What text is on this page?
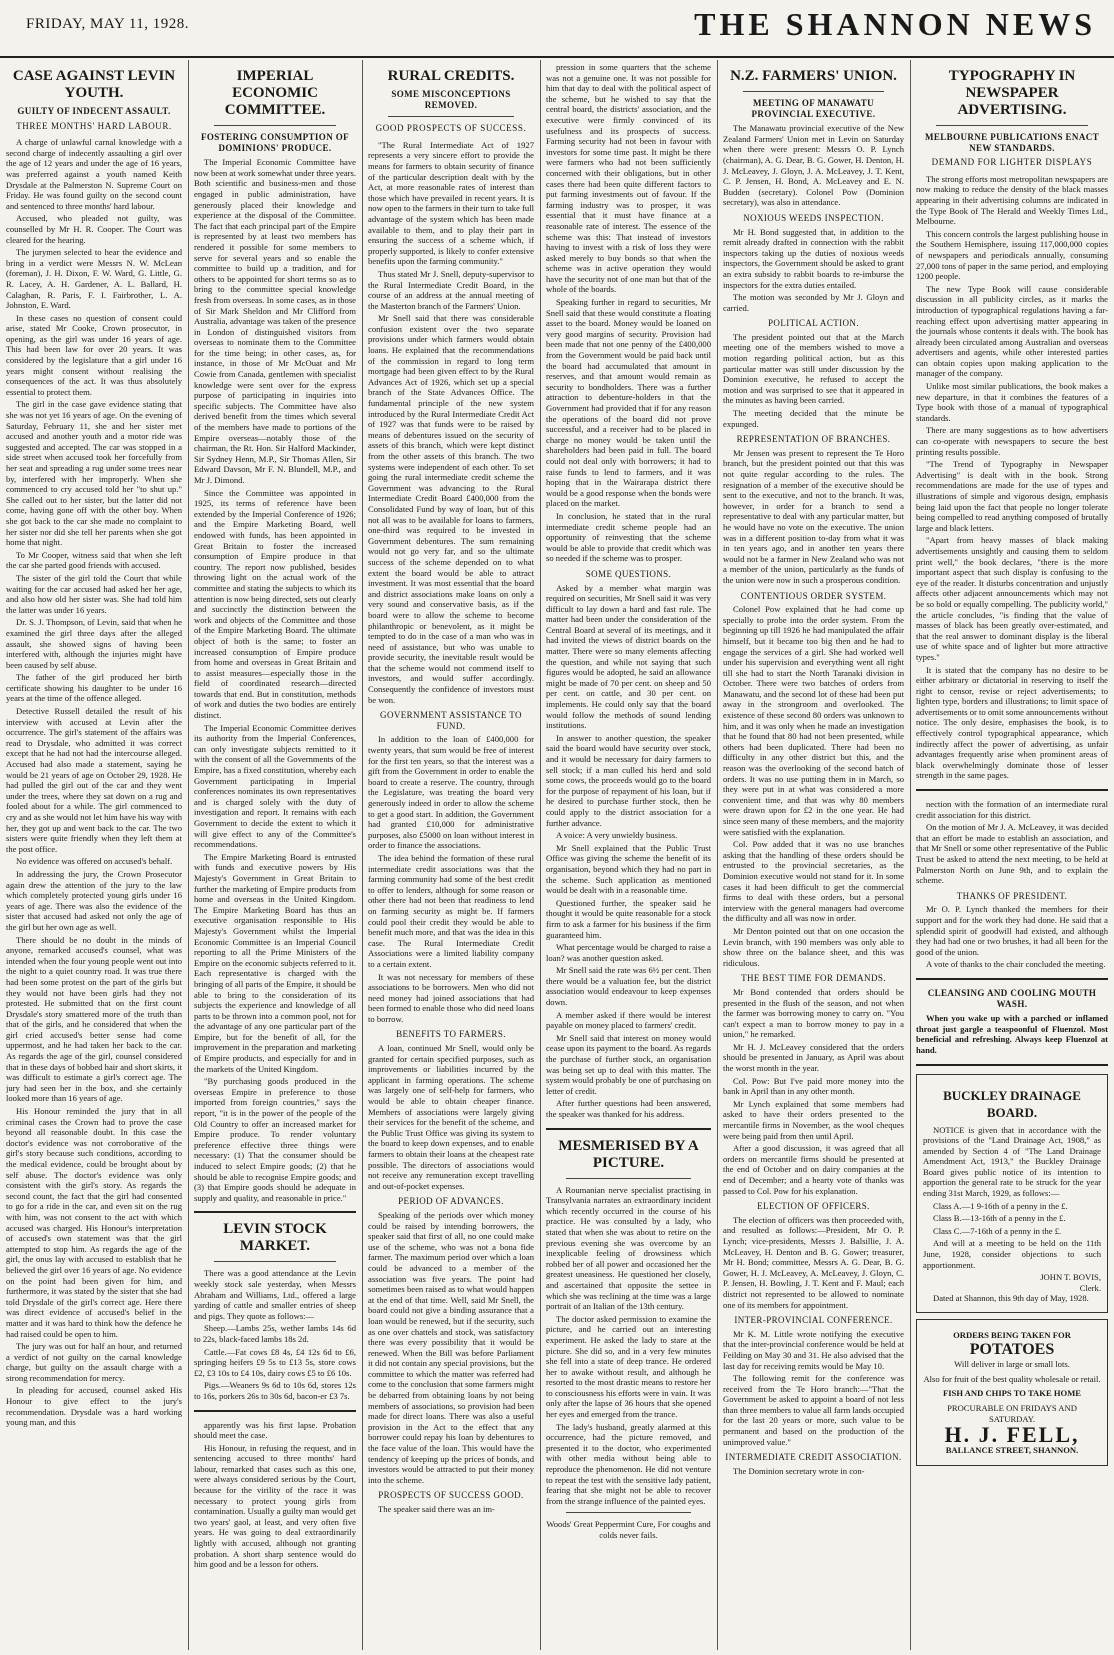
FRIDAY, MAY 11, 1928.	THE SHANNON NEWS
CASE AGAINST LEVIN YOUTH.
GUILTY OF INDECENT ASSAULT.
THREE MONTHS' HARD LABOUR.

A charge of unlawful carnal knowledge with a second charge of indecently assaulting a girl over the age of 12 years and under the age of 16 years, was preferred against a youth named Keith Drysdale at the Palmerston N. Supreme Court on Friday. He was found guilty on the second count and sentenced to three months' hard labour.

Accused, who pleaded not guilty, was counselled by Mr H. R. Cooper. The Court was cleared for the hearing.

The jurymen selected to hear the evidence and bring in a verdict were Messrs N. W. McLean (foreman), J. H. Dixon, F. W. Ward, G. Little, G. R. Lacey, A. H. Gardener, A. L. Ballard, H. Calaghan, R. Paris, F. I. Fairbrother, L. A. Johnston, E. Ward.

In these cases no question of consent could arise, stated Mr Cooke, Crown prosecutor, in opening, as the girl was under 16 years of age. This had been law for over 20 years. It was considered by the legislature that a girl under 16 years might consent without realising the consequences of the act. It was thus absolutely essential to protect them.

The girl in the case gave evidence stating that she was not yet 16 years of age. On the evening of Saturday, February 11, she and her sister met accused and another youth and a motor ride was suggested and accepted. The car was stopped in a side street when accused took her forcefully from her seat and spreading a rug under some trees near by, interfered with her improperly. When she commenced to cry accused told her "to shut up." She called out to her sister, but the latter did not come, having gone off with the other boy. When she got back to the car she made no complaint to her sister nor did she tell her parents when she got home that night.

To Mr Cooper, witness said that when she left the car she parted good friends with accused.

The sister of the girl told the Court that while waiting for the car accused had asked her her age, and also how old her sister was. She had told him the latter was under 16 years.

Dr. S. J. Thompson, of Levin, said that when he examined the girl three days after the alleged assault, she showed signs of having been interfered with, although the injuries might have been caused by self abuse.

The father of the girl produced her birth certificate showing his daughter to be under 16 years at the time of the offence alleged.

Detective Russell detailed the result of his interview with accused at Levin after the occurrence. The girl's statement of the affairs was read to Drysdale, who admitted it was correct except that he had not had the intercourse alleged. Accused had also made a statement, saying he would be 21 years of age on October 29, 1928. He had pulled the girl out of the car and they went under the trees, where they sat down on a rug and fooled about for a while. The girl commenced to cry and as she would not let him have his way with her, they got up and went back to the car. The two sisters were quite friendly when they left them at the post office.

No evidence was offered on accused's behalf.

In addressing the jury, the Crown Prosecutor again drew the attention of the jury to the law which completely protected young girls under 16 years of age. There was also the evidence of the sister that accused had asked not only the age of the girl but her own age as well.

There should be no doubt in the minds of anyone, remarked accused's counsel, what was intended when the four young people went out into the night to a quiet country road. It was true there had been some protest on the part of the girls but they would not have been girls had they not protested. He submitted that on the first count Drysdale's story smattered more of the truth than that of the girls, and he considered that when the girl cried accused's better sense had come uppermost, and he had taken her back to the car. As regards the age of the girl, counsel considered that in these days of bobbed hair and short skirts, it was difficult to estimate a girl's correct age. The jury had seen her in the box, and she certainly looked more than 16 years of age.

His Honour reminded the jury that in all criminal cases the Crown had to prove the case beyond all reasonable doubt. In this case the doctor's evidence was not corroborative of the girl's story because such conditions, according to the medical evidence, could be brought about by self abuse. The doctor's evidence was only consistent with the girl's story. As regards the second count, the fact that the girl had consented to go for a ride in the car, and even sit on the rug with him, was not consent to the act with which accused was charged. His Honour's interpretation of accused's own statement was that the girl attempted to stop him. As regards the age of the girl, the onus lay with accused to establish that he believed the girl over 16 years of age. No evidence on the point had been given for him, and furthermore, it was stated by the sister that she had told Drysdale of the girl's correct age. Here there was direct evidence of accused's belief in the matter and it was hard to think how the defence he had raised could be open to him.

The jury was out for half an hour, and returned a verdict of not guilty on the carnal knowledge charge, but guilty on the assault charge with a strong recommendation for mercy.

In pleading for accused, counsel asked His Honour to give effect to the jury's recommendation. Drysdale was a hard working young man, and this

IMPERIAL ECONOMIC COMMITTEE.
FOSTERING CONSUMPTION OF DOMINIONS' PRODUCE.

The Imperial Economic Committee have now been at work somewhat under three years. Both scientific and business-men and those engaged in public administration, have generously placed their knowledge and experience at the disposal of the Committee. The fact that each principal part of the Empire is represented by at least two members has rendered it possible for some members to serve for several years and so enable the committee to build up a tradition, and for others to be appointed for short terms so as to bring to the committee special knowledge fresh from overseas. In some cases, as in those of Sir Mark Sheldon and Mr Clifford from Australia, advantage was taken of the presence in London of distinguished visitors from overseas to nominate them to the Committee for the time being; in other cases, as, for instance, in those of Mr McOuat and Mr Cowie from Canada, gentlemen with specialist knowledge were sent over for the express purpose of participating in inquiries into specific subjects. The Committee have also derived benefit from the times which several of the members have made to portions of the Empire overseas—notably those of the chairman, the Rt. Hon. Sir Halford Mackinder, Sir Sydney Henn, M.P., Sir Thomas Allen, Sir Edward Davson, Mr F. N. Blundell, M.P., and Mr J. Dimond.

Since the Committee was appointed in 1925, its terms of reference have been extended by the Imperial Conference of 1926; and the Empire Marketing Board, well endowed with funds, has been appointed in Great Britain to foster the increased consumption of Empire produce in that country. The report now published, besides throwing light on the actual work of the committee and stating the subjects to which its attention is now being directed, sets out clearly and succinctly the distinction between the work and objects of the Committee and those of the Empire Marketing Board. The ultimate object of both is the same; to foster an increased consumption of Empire produce from home and overseas in Great Britain and to assist measures—especially those in the field of coordinated research—directed towards that end. But in constitution, methods of work and duties the two bodies are entirely distinct.

The Imperial Economic Committee derives its authority from the Imperial Conferences, can only investigate subjects remitted to it with the consent of all the Governments of the Empire, has a fixed constitution, whereby each Government participating in Imperial conferences nominates its own representatives and is charged solely with the duty of investigation and report. It remains with each Government to decide the extent to which it will give effect to any of the Committee's recommendations.

The Empire Marketing Board is entrusted with funds and executive powers by His Majesty's Government in Great Britain to further the marketing of Empire products from home and overseas in the United Kingdom. The Empire Marketing Board has thus an executive organisation responsible to His Majesty's Government whilst the Imperial Economic Committee is an Imperial Council reporting to all the Prime Ministers of the Empire on the economic subjects referred to it. Each representative is charged with the bringing of all parts of the Empire, it should be able to bring to the consideration of its subjects the experience and knowledge of all parts to be thrown into a common pool, not for the advantage of any one particular part of the Empire, but for the benefit of all, for the improvement in the preparation and marketing of Empire products, and especially for and in the markets of the United Kingdom.

"By purchasing goods produced in the overseas Empire in preference to those imported from foreign countries," says the report, "it is in the power of the people of the Old Country to offer an increased market for Empire produce. To render voluntary preference effective three things were necessary: (1) That the consumer should be induced to select Empire goods; (2) that he should be able to recognise Empire goods; and (3) that Empire goods should be adequate in supply and quality, and reasonable in price."

LEVIN STOCK MARKET.

There was a good attendance at the Levin weekly stock sale yesterday, when Messrs Abraham and Williams, Ltd., offered a large yarding of cattle and smaller entries of sheep and pigs. They quote as follows:—

Sheep.—Lambs 25s, wether lambs 14s 6d to 22s, black-faced lambs 18s 2d.

Cattle.—Fat cows £8 4s, £4 12s 6d to £6, springing heifers £9 5s to £13 5s, store cows £2, £3 10s to £4 10s, dairy cows £5 to £6 10s.

Pigs.—Weaners 9s 6d to 10s 6d, stores 12s to 16s, porkers 26s to 30s 6d, bacon-er £3 7s.

apparently was his first lapse. Probation should meet the case.

His Honour, in refusing the request, and in sentencing accused to three months' hard labour, remarked that cases such as this one, were always considered serious by the Court, because for the virility of the race it was necessary to protect young girls from contamination. Usually a guilty man would get two years' gaol, at least, and very often five years. He was going to deal extraordinarily lightly with accused, although not granting probation. A short sharp sentence would do him good and be a lesson for others.

RURAL CREDITS.
SOME MISCONCEPTIONS REMOVED.
GOOD PROSPECTS OF SUCCESS.

"The Rural Intermediate Act of 1927 represents a very sincere effort to provide the means for farmers to obtain security of finance of the particular description dealt with by the Act, at more reasonable rates of interest than those which have prevailed in recent years. It is now open to the farmers in their turn to take full advantage of the system which has been made available to them, and to play their part in ensuring the success of a scheme which, if properly supported, is likely to confer extensive benefits upon the farming community."

Thus stated Mr J. Snell, deputy-supervisor to the Rural Intermediate Credit Board, in the course of an address at the annual meeting of the Masterton branch of the Farmers' Union.

Mr Snell said that there was considerable confusion existent over the two separate provisions under which farmers would obtain loans. He explained that the recommendations of the commission in regard to long term mortgage had been given effect to by the Rural Advances Act of 1926, which set up a special branch of the State Advances Office. The fundamental principle of the new system introduced by the Rural Intermediate Credit Act of 1927 was that funds were to be raised by means of debentures issued on the security of assets of this branch, which were kept distinct from the other assets of this branch. The two systems were independent of each other. To set going the rural intermediate credit scheme the Government was advancing to the Rural Intermediate Credit Board £400,000 from the Consolidated Fund by way of loan, but of this not all was to be available for loans to farmers, one-third was required to be invested in Government debentures. The sum remaining would not go very far, and so the ultimate success of the scheme depended on to what extent the board would be able to attract investment. It was most essential that the board and district associations make loans on only a very sound and conservative basis, as if the board were to allow the scheme to become philanthropic or benevolent, as it might be tempted to do in the case of a man who was in need of assistance, but who was unable to provide security, the inevitable result would be that the scheme would not commend itself to investors, and would suffer accordingly. Consequently the confidence of investors must be won.

GOVERNMENT ASSISTANCE TO FUND.

In addition to the loan of £400,000 for twenty years, that sum would be free of interest for the first ten years, so that the interest was a gift from the Government in order to enable the board to create a reserve. The country, through the Legislature, was treating the board very generously indeed in order to allow the scheme to get a good start. In addition, the Government had granted £10,000 for administrative purposes, also £5000 on loan without interest in order to finance the associations.

The idea behind the formation of these rural intermediate credit associations was that the farming community had some of the best credit to offer to lenders, although for some reason or other there had not been that readiness to lend on farming security as might be. If farmers could pool their credit they would be able to benefit much more, and that was the idea in this case. The Rural Intermediate Credit Associations were a limited liability company to a certain extent.

It was not necessary for members of these associations to be borrowers. Men who did not need money had joined associations that had been formed to enable those who did need loans to borrow.

BENEFITS TO FARMERS.

A loan, continued Mr Snell, would only be granted for certain specified purposes, such as improvements or liabilities incurred by the applicant in farming operations. The scheme was largely one of self-help for farmers, who would be able to obtain cheaper finance. Members of associations were largely giving their services for the benefit of the scheme, and the Public Trust Office was giving its system to the board to keep down expenses, and to enable farmers to obtain their loans at the cheapest rate possible. The directors of associations would not receive any remuneration except travelling and out-of-pocket expenses.

PERIOD OF ADVANCES.

Speaking of the periods over which money could be raised by intending borrowers, the speaker said that first of all, no one could make use of the scheme, who was not a bona fide farmer. The maximum period over which a loan could be advanced to a member of the association was five years. The point had sometimes been raised as to what would happen at the end of that time. Well, said Mr Snell, the board could not give a binding assurance that a loan would be renewed, but if the security, such as one over chattels and stock, was satisfactory there was every possibility that it would be renewed. When the Bill was before Parliament it did not contain any special provisions, but the committee to which the matter was referred had come to the conclusion that some farmers might be debarred from obtaining loans by not being members of associations, so provision had been made for direct loans. There was also a useful provision in the Act to the effect that any borrower could repay his loan by debentures to the face value of the loan. This would have the tendency of keeping up the prices of bonds, and investors would be attracted to put their money into the scheme.

PROSPECTS OF SUCCESS GOOD.

The speaker said there was an im-

pression in some quarters that the scheme was not a genuine one. It was not possible for him that day to deal with the political aspect of the scheme, but he wished to say that the central board, the districts' association, and the executive were firmly convinced of its usefulness and its prospects of success. Farming security had not been in favour with investors for some time past. It might be there were farmers who had not been sufficiently concerned with their obligations, but in other cases there had been quite different factors to put farming investments out of favour. If the farming industry was to prosper, it was essential that it must have finance at a reasonable rate of interest. The essence of the scheme was this: That instead of investors having to invest with a risk of loss they were asked merely to buy bonds so that when the scheme was in active operation they would have the security not of one man but that of the whole of the boards.

Speaking further in regard to securities, Mr Snell said that these would constitute a floating asset to the board. Money would be loaned on very good margins of security. Provision had been made that not one penny of the £400,000 from the Government would be paid back until the board had accumulated that amount in reserves, and that amount would remain as security to bondholders. There was a further attraction to debenture-holders in that the Government had provided that if for any reason the operations of the board did not prove successful, and a receiver had to be placed in charge no money would be taken until the shareholders had been paid in full. The board could not deal only with borrowers; it had to raise funds to lend to farmers, and it was hoping that in the Wairarapa district there would be a good response when the bonds were placed on the market.

In conclusion, he stated that in the rural intermediate credit scheme people had an opportunity of reinvesting that the scheme would be able to provide that credit which was so needed if the scheme was to prosper.

SOME QUESTIONS.

Asked by a member what margin was required on securities, Mr Snell said it was very difficult to lay down a hard and fast rule. The matter had been under the consideration of the Central Board at several of its meetings, and it had invited the views of district boards on the matter. There were so many elements affecting the question, and while not saying that such figures would be adopted, he said an allowance might be made of 70 per cent. on sheep and 50 per cent. on cattle, and 30 per cent. on implements. He could only say that the board would follow the methods of sound lending institutions.

In answer to another question, the speaker said the board would have security over stock, and it would be necessary for dairy farmers to sell stock; if a man culled his herd and sold some cows, the proceeds would go to the board for the purpose of repayment of his loan, but if he desired to purchase further stock, then he could apply to the district association for a further advance.

A voice: A very unwieldy business.

Mr Snell explained that the Public Trust Office was giving the scheme the benefit of its organisation, beyond which they had no part in the scheme. Such application as mentioned would be dealt with in a reasonable time.

Questioned further, the speaker said he thought it would be quite reasonable for a stock firm to ask a farmer for his business if the firm guaranteed him.

What percentage would be charged to raise a loan? was another question asked.

Mr Snell said the rate was 6½ per cent. Then there would be a valuation fee, but the district association would endeavour to keep expenses down.

A member asked if there would be interest payable on money placed to farmers' credit.

Mr Snell said that interest on money would cease upon its payment to the board. As regards the purchase of further stock, an organisation was being set up to deal with this matter. The system would probably be one of purchasing on letter of credit.

After further questions had been answered, the speaker was thanked for his address.

MESMERISED BY A PICTURE.

A Roumanian nerve specialist practising in Transylvania narrates an extraordinary incident which recently occurred in the course of his practice. He was consulted by a lady, who stated that when she was about to retire on the previous evening she was overcome by an inexplicable feeling of drowsiness which robbed her of all power and occasioned her the greatest uneasiness. He questioned her closely, and ascertained that opposite the settee in which she was reclining at the time was a large portrait of an Italian of the 13th century.

The doctor asked permission to examine the picture, and he carried out an interesting experiment. He asked the lady to stare at the picture. She did so, and in a very few minutes she fell into a state of deep trance. He ordered her to awake without result, and although he resorted to the most drastic means to restore her to consciousness his efforts were in vain. It was only after the lapse of 36 hours that she opened her eyes and emerged from the trance.

The lady's husband, greatly alarmed at this occurrence, had the picture removed, and presented it to the doctor, who experimented with other media without being able to reproduce the phenomenon. He did not venture to repeat the test with the sensitive lady patient, fearing that she might not be able to recover from the strange influence of the painted eyes.

Woods' Great Peppermint Cure, For coughs and colds never fails.
N.Z. FARMERS' UNION.
MEETING OF MANAWATU PROVINCIAL EXECUTIVE.

The Manawatu provincial executive of the New Zealand Farmers' Union met in Levin on Saturday when there were present: Messrs O. P. Lynch (chairman), A. G. Dear, B. G. Gower, H. Denton, H. J. McLeavey, J. Gloyn, J. A. McLeavey, J. T. Kent, C. P. Jensen, H. Bond, A. McLeavey and E. N. Budden (secretary). Colonel Pow (Dominion secretary), was also in attendance.

NOXIOUS WEEDS INSPECTION.

Mr H. Bond suggested that, in addition to the remit already drafted in connection with the rabbit inspectors taking up the duties of noxious weeds inspectors, the Government should be asked to grant an extra subsidy to rabbit boards to re-imburse the inspectors for the extra duties entailed.

The motion was seconded by Mr J. Gloyn and carried.

POLITICAL ACTION.

The president pointed out that at the March meeting one of the members wished to move a motion regarding political action, but as this particular matter was still under discussion by the Dominion executive, he refused to accept the motion and was surprised to see that it appeared in the minutes as having been carried.

The meeting decided that the minute be expunged.

REPRESENTATION OF BRANCHES.

Mr Jensen was present to represent the Te Horo branch, but the president pointed out that this was not quite regular according to the rules. The resignation of a member of the executive should be sent to the executive, and not to the branch. It was, however, in order for a branch to send a representative to deal with any particular matter, but he would have no vote on the executive. The union was in a different position to-day from what it was in ten years ago, and in another ten years there would not be a farmer in New Zealand who was not a member of the union, particularly as the funds of the union were now in such a prosperous condition.

CONTENTIOUS ORDER SYSTEM.

Colonel Pow explained that he had come up specially to probe into the order system. From the beginning up till 1926 he had manipulated the affair himself, but it became too big then and he had to engage the services of a girl. She had worked well under his supervision and everything went all right till she had to start the North Taranaki division in October. There were two batches of orders from Manawatu, and the second lot of these had been put away in the strongroom and overlooked. The existence of these second 80 orders was unknown to him, and it was only when he made an investigation that he found that 80 had not been presented, while others had been duplicated. There had been no difficulty in any other district but this, and the reason was the overlooking of the second batch of orders. It was no use putting them in in March, so they were put in at what was considered a more convenient time, and that was why 80 members were drawn upon for £2 in the one year. He had since seen many of these members, and the majority were satisfied with the explanation.

Col. Pow added that it was no use branches asking that the handling of these orders should be entrusted to the provincial secretaries, as the Dominion executive would not stand for it. In some cases it had been difficult to get the commercial firms to deal with these orders, but a personal interview with the general managers had overcome the difficulty and all was now in order.

Mr Denton pointed out that on one occasion the Levin branch, with 190 members was only able to show three on the balance sheet, and this was ridiculous.

THE BEST TIME FOR DEMANDS.

Mr Bond contended that orders should be presented in the flush of the season, and not when the farmer was borrowing money to carry on. "You can't expect a man to borrow money to pay in a union," he remarked.

Mr H. J. McLeavey considered that the orders should be presented in January, as April was about the worst month in the year.

Col. Pow: But I've paid more money into the bank in April than in any other month.

Mr Lynch explained that some members had asked to have their orders presented to the mercantile firms in November, as the wool cheques were being paid from then until April.

After a good discussion, it was agreed that all orders on mercantile firms should be presented at the end of October and on dairy companies at the end of December; and a hearty vote of thanks was passed to Col. Pow for his explanation.

ELECTION OF OFFICERS.

The election of officers was then proceeded with, and resulted as follows:—President, Mr O. P. Lynch; vice-presidents, Messrs J. Balsillie, J. A. McLeavey, H. Denton and B. G. Gower; treasurer, Mr H. Bond; committee, Messrs A. G. Dear, B. G. Gower, H. J. McLeavey, A. McLeavey, J. Gloyn, C. P. Jensen, H. Bowling, J. T. Kent and F. Maul; each district not represented to be allowed to nominate one of its members for appointment.

INTER-PROVINCIAL CONFERENCE.

Mr K. M. Little wrote notifying the executive that the inter-provincial conference would be held at Feilding on May 30 and 31. He also advised that the last day for receiving remits would be May 10.

The following remit for the conference was received from the Te Horo branch:—"That the Government be asked to appoint a board of not less than three members to value all farm lands occupied for the last 20 years or more, such value to be permanent and based on the production of the unimproved value."

INTERMEDIATE CREDIT ASSOCIATION.

The Dominion secretary wrote in con-

TYPOGRAPHY IN NEWSPAPER ADVERTISING.
MELBOURNE PUBLICATIONS ENACT NEW STANDARDS.
DEMAND FOR LIGHTER DISPLAYS

The strong efforts most metropolitan newspapers are now making to reduce the density of the black masses appearing in their advertising columns are indicated in the Type Book of The Herald and Weekly Times Ltd., Melbourne.

This concern controls the largest publishing house in the Southern Hemisphere, issuing 117,000,000 copies of newspapers and periodicals annually, consuming 27,000 tons of paper in the same period, and employing 1200 people.

The new Type Book will cause considerable discussion in all publicity circles, as it marks the introduction of typographical regulations having a far-reaching effect upon advertising matter appearing in the journals whose contents it deals with. The book has already been circulated among Australian and overseas advertisers and agents, while other interested parties can obtain copies upon making application to the manager of the company.

Unlike most similar publications, the book makes a new departure, in that it combines the features of a Type book with those of a manual of typographical standards.

There are many suggestions as to how advertisers can co-operate with newspapers to secure the best printing results possible.

"The Trend of Typography in Newspaper Advertising" is dealt with in the book. Strong recommendations are made for the use of types and illustrations of simple and vigorous design, emphasis being laid upon the fact that people no longer tolerate being compelled to read anything composed of brutally large and black letters.

"Apart from heavy masses of black making advertisements unsightly and causing them to seldom print well," the book declares, "there is the more important aspect that such display is confusing to the eye of the reader. It disturbs concentration and unjustly affects other adjacent announcements which may not be so bold or equally compelling. The publicity world," the article concludes, "is finding that the value of masses of black has been greatly over-estimated, and that the real answer to dominant display is the liberal use of white space and of lighter but more attractive types."

It is stated that the company has no desire to be either arbitrary or dictatorial in reserving to itself the right to censor, revise or reject advertisements; to lighten type, borders and illustrations; to limit space of advertisements or to omit some announcements without notice. The only desire, emphasises the book, is to effectively control typographical appearance, which indirectly affect the power of advertising, as unfair advantages frequently arise when prominent areas of black overwhelmingly dominate those of lesser strength in the same pages.

nection with the formation of an intermediate rural credit association for this district.

On the motion of Mr J. A. McLeavey, it was decided that an effort be made to establish an association, and that Mr Snell or some other representative of the Public Trust be asked to attend the next meeting, to be held at Palmerston North on June 9th, and to explain the scheme.

THANKS OF PRESIDENT.

Mr O. P. Lynch thanked the members for their support and for the work they had done. He said that a splendid spirit of goodwill had existed, and although they had had one or two brushes, it had all been for the good of the union.

A vote of thanks to the chair concluded the meeting.

CLEANSING AND COOLING MOUTH WASH.

When you wake up with a parched or inflamed throat just gargle a teaspoonful of Fluenzol. Most beneficial and refreshing. Always keep Fluenzol at hand.

BUCKLEY DRAINAGE BOARD.

NOTICE is given that in accordance with the provisions of the "Land Drainage Act, 1908," as amended by Section 4 of "The Land Drainage Amendment Act, 1913," the Buckley Drainage Board gives public notice of its intention to apportion the general rate to be struck for the year ending 31st March, 1929, as follows:—

Class A.—1 9-16th of a penny in the £.

Class B.—13-16th of a penny in the £.

Class C.—7-16th of a penny in the £.

And will at a meeting to be held on the 11th June, 1928, consider objections to such apportionment.

JOHN T. BOVIS,
Clerk.

Dated at Shannon, this 9th day of May, 1928.

ORDERS BEING TAKEN FOR
POTATOES
Will deliver in large or small lots.
Also for fruit of the best quality wholesale or retail.
FISH AND CHIPS TO TAKE HOME
PROCURABLE ON FRIDAYS AND SATURDAY.
H. J. FELL,
BALLANCE STREET, SHANNON.
